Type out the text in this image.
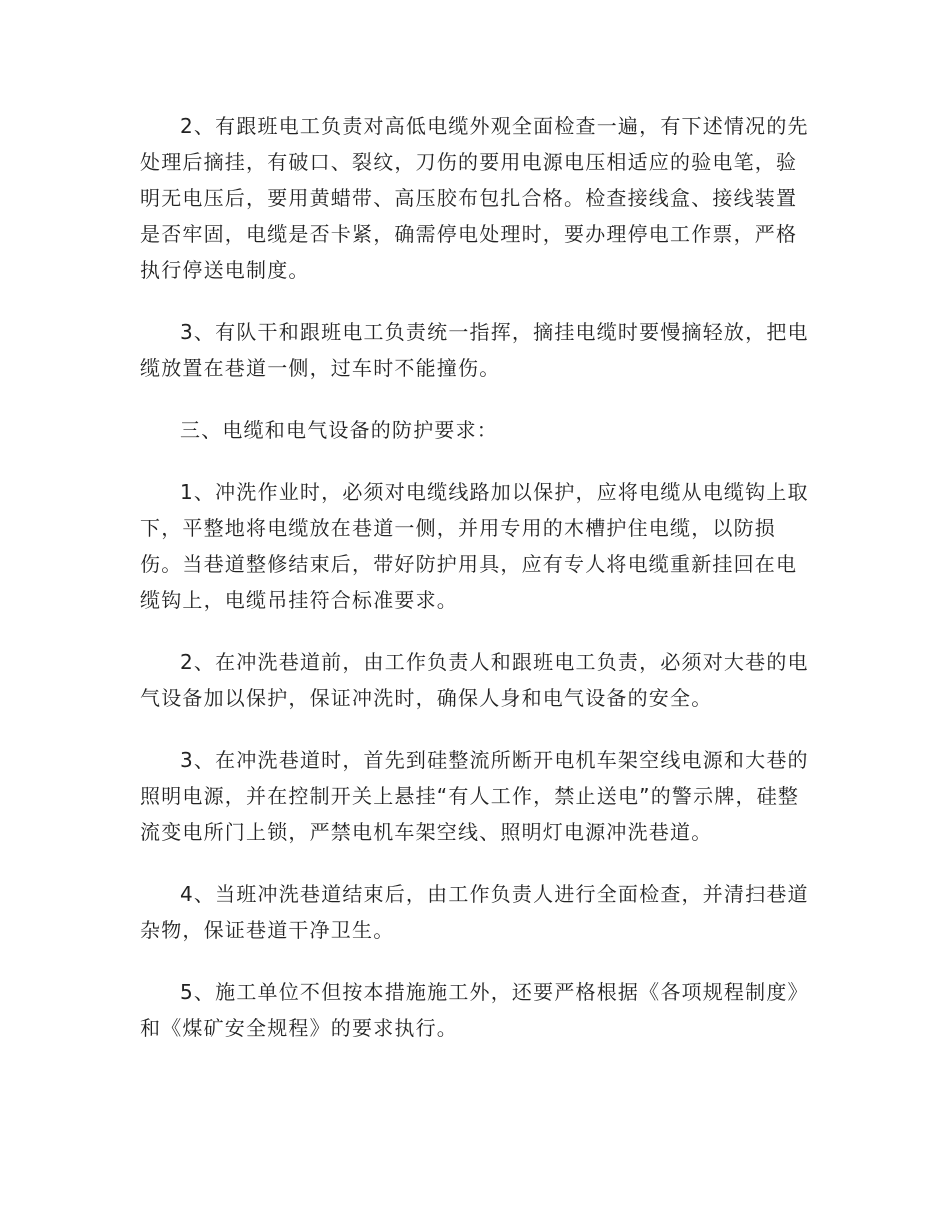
2、有跟班电工负责对高低电缆外观全面检查一遍，有下述情况的先处理后摘挂，有破口、裂纹，刀伤的要用电源电压相适应的验电笔，验明无电压后，要用黄蜡带、高压胶布包扎合格。检查接线盒、接线装置是否牢固，电缆是否卡紧，确需停电处理时，要办理停电工作票，严格执行停送电制度。

3、有队干和跟班电工负责统一指挥，摘挂电缆时要慢摘轻放，把电缆放置在巷道一侧，过车时不能撞伤。

三、电缆和电气设备的防护要求：

1、冲洗作业时，必须对电缆线路加以保护，应将电缆从电缆钩上取下，平整地将电缆放在巷道一侧，并用专用的木槽护住电缆，以防损伤。当巷道整修结束后，带好防护用具，应有专人将电缆重新挂回在电缆钩上，电缆吊挂符合标准要求。

2、在冲洗巷道前，由工作负责人和跟班电工负责，必须对大巷的电气设备加以保护，保证冲洗时，确保人身和电气设备的安全。

3、在冲洗巷道时，首先到硅整流所断开电机车架空线电源和大巷的照明电源，并在控制开关上悬挂“有人工作，禁止送电”的警示牌，硅整流变电所门上锁，严禁电机车架空线、照明灯电源冲洗巷道。

4、当班冲洗巷道结束后，由工作负责人进行全面检查，并清扫巷道杂物，保证巷道干净卫生。

5、施工单位不但按本措施施工外，还要严格根据《各项规程制度》和《煤矿安全规程》的要求执行。
